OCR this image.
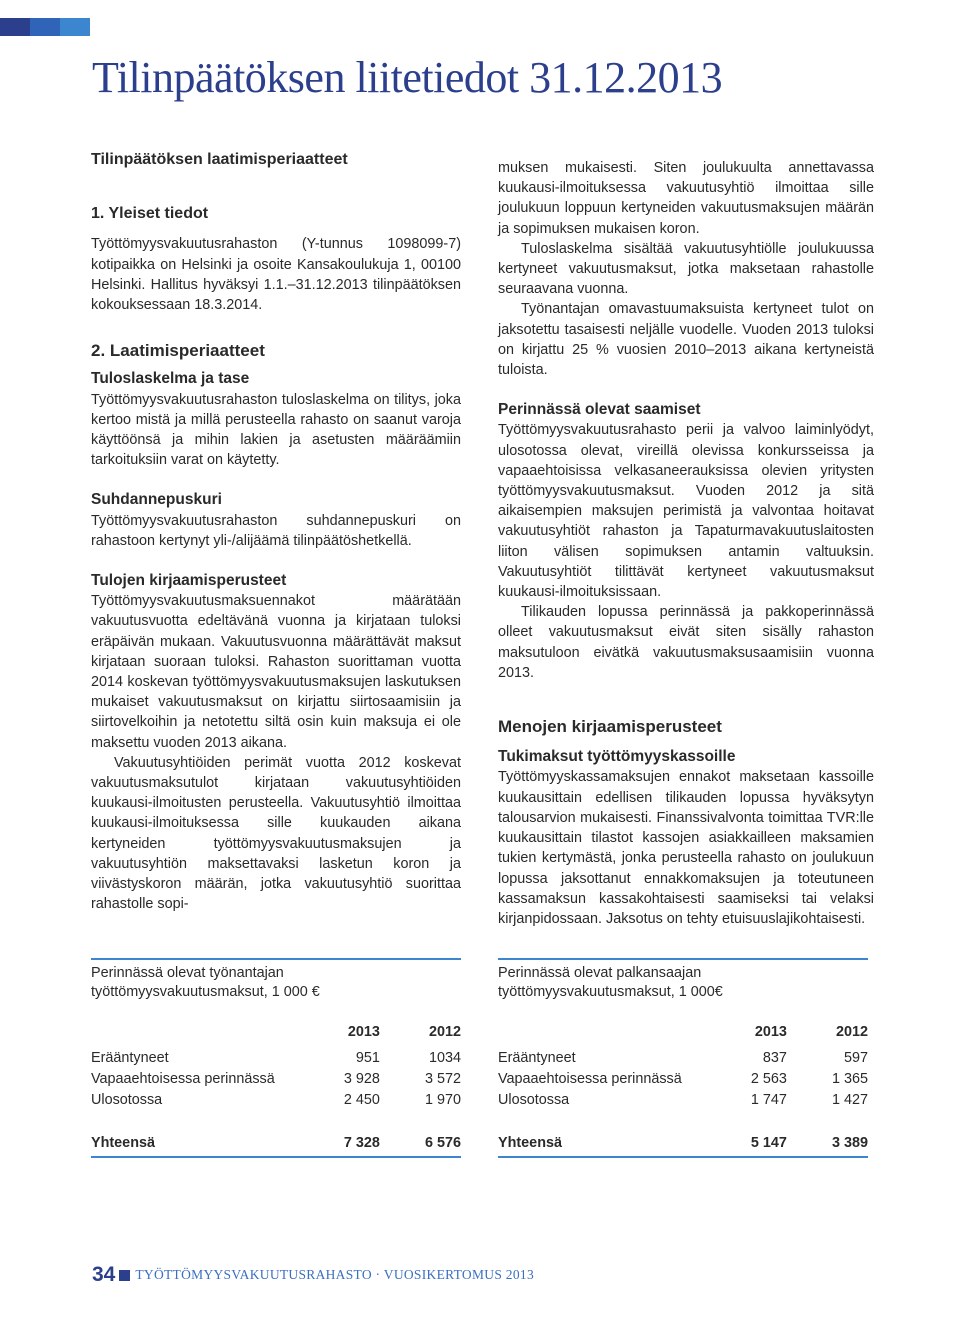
Tilinpäätöksen liitetiedot 31.12.2013
Tilinpäätöksen laatimisperiaatteet
1. Yleiset tiedot

Työttömyysvakuutusrahaston (Y-tunnus 1098099-7) kotipaikka on Helsinki ja osoite Kansakoulukuja 1, 00100 Helsinki. Hallitus hyväksyi 1.1.–31.12.2013 tilinpäätöksen kokouksessaan 18.3.2014.

2. Laatimisperiaatteet
Tuloslaskelma ja tase

Työttömyysvakuutusrahaston tuloslaskelma on tilitys, joka kertoo mistä ja millä perusteella rahasto on saanut varoja käyttöönsä ja mihin lakien ja asetusten määräämiin tarkoituksiin varat on käytetty.

Suhdannepuskuri

Työttömyysvakuutusrahaston suhdannepuskuri on rahastoon kertynyt yli-/alijäämä tilinpäätöshetkellä.

Tulojen kirjaamisperusteet

Työttömyysvakuutusmaksuennakot määrätään vakuutusvuotta edeltävänä vuonna ja kirjataan tuloksi eräpäivän mukaan. Vakuutusvuonna määrättävät maksut kirjataan suoraan tuloksi. Rahaston suorittaman vuotta 2014 koskevan työttömyysvakuutusmaksujen laskutuksen mukaiset vakuutusmaksut on kirjattu siirtosaamisiin ja siirtovelkoihin ja netotettu siltä osin kuin maksuja ei ole maksettu vuoden 2013 aikana.

Vakuutusyhtiöiden perimät vuotta 2012 koskevat vakuutusmaksutulot kirjataan vakuutusyhtiöiden kuukausi-ilmoitusten perusteella. Vakuutusyhtiö ilmoittaa kuukausi-ilmoituksessa sille kuukauden aikana kertyneiden työttömyysvakuutusmaksujen ja vakuutusyhtiön maksettavaksi lasketun koron ja viivästyskoron määrän, jotka vakuutusyhtiö suorittaa rahastolle sopi-

muksen mukaisesti. Siten joulukuulta annettavassa kuukausi-ilmoituksessa vakuutusyhtiö ilmoittaa sille joulukuun loppuun kertyneiden vakuutusmaksujen määrän ja sopimuksen mukaisen koron.

Tuloslaskelma sisältää vakuutusyhtiölle joulukuussa kertyneet vakuutusmaksut, jotka maksetaan rahastolle seuraavana vuonna.

Työnantajan omavastuumaksuista kertyneet tulot on jaksotettu tasaisesti neljälle vuodelle. Vuoden 2013 tuloksi on kirjattu 25 % vuosien 2010–2013 aikana kertyneistä tuloista.

Perinnässä olevat saamiset

Työttömyysvakuutusrahasto perii ja valvoo laiminlyödyt, ulosotossa olevat, vireillä olevissa konkursseissa ja vapaaehtoisissa velkasaneerauksissa olevien yritysten työttömyysvakuutusmaksut. Vuoden 2012 ja sitä aikaisempien maksujen perimistä ja valvontaa hoitavat vakuutusyhtiöt rahaston ja Tapaturmavakuutuslaitosten liiton välisen sopimuksen antamin valtuuksin. Vakuutusyhtiöt tilittävät kertyneet vakuutusmaksut kuukausi-ilmoituksissaan.

Tilikauden lopussa perinnässä ja pakkoperinnässä olleet vakuutusmaksut eivät siten sisälly rahaston maksutuloon eivätkä vakuutusmaksusaamisiin vuonna 2013.

Menojen kirjaamisperusteet
Tukimaksut työttömyyskassoille

Työttömyyskassamaksujen ennakot maksetaan kassoille kuukausittain edellisen tilikauden lopussa hyväksytyn talousarvion mukaisesti. Finanssivalvonta toimittaa TVR:lle kuukausittain tilastot kassojen asiakkailleen maksamien tukien kertymästä, jonka perusteella rahasto on joulukuun lopussa jaksottanut ennakkomaksujen ja toteutuneen kassamaksun kassakohtaisesti saamiseksi tai velaksi kirjanpidossaan. Jaksotus on tehty etuisuuslajikohtaisesti.

Perinnässä olevat työnantajan
työttömyysvakuutusmaksut, 1 000 €
	2013	2012
Erääntyneet	951	1034
Vapaaehtoisessa perinnässä	3 928	3 572
Ulosotossa	2 450	1 970

Yhteensä	7 328	6 576
Perinnässä olevat palkansaajan
työttömyysvakuutusmaksut, 1 000€
	2013	2012
Erääntyneet	837	597
Vapaaehtoisessa perinnässä	2 563	1 365
Ulosotossa	1 747	1 427

Yhteensä	5 147	3 389
34 TYÖTTÖMYYSVAKUUTUSRAHASTO · VUOSIKERTOMUS 2013
